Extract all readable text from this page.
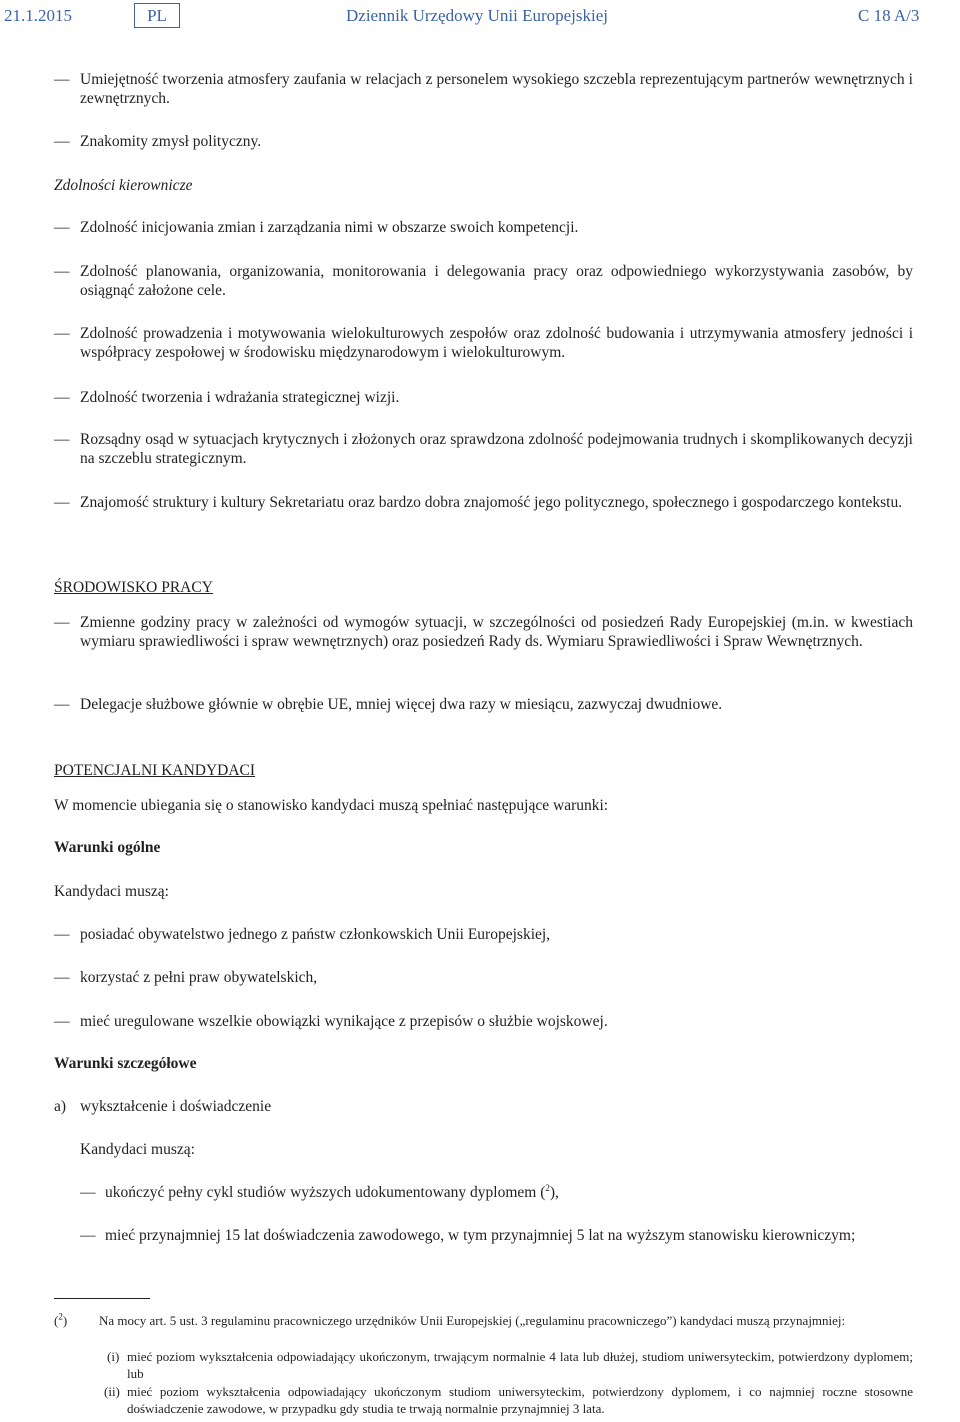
21.1.2015	PL	Dziennik Urzędowy Unii Europejskiej	C 18 A/3
— Umiejętność tworzenia atmosfery zaufania w relacjach z personelem wysokiego szczebla reprezentującym partnerów wewnętrznych i zewnętrznych.
— Znakomity zmysł polityczny.
Zdolności kierownicze
— Zdolność inicjowania zmian i zarządzania nimi w obszarze swoich kompetencji.
— Zdolność planowania, organizowania, monitorowania i delegowania pracy oraz odpowiedniego wykorzystywania zasobów, by osiągnąć założone cele.
— Zdolność prowadzenia i motywowania wielokulturowych zespołów oraz zdolność budowania i utrzymywania atmosfery jedności i współpracy zespołowej w środowisku międzynarodowym i wielokulturowym.
— Zdolność tworzenia i wdrażania strategicznej wizji.
— Rozsądny osąd w sytuacjach krytycznych i złożonych oraz sprawdzona zdolność podejmowania trudnych i skomplikowanych decyzji na szczeblu strategicznym.
— Znajomość struktury i kultury Sekretariatu oraz bardzo dobra znajomość jego politycznego, społecznego i gospodarczego kontekstu.
ŚRODOWISKO PRACY
— Zmienne godziny pracy w zależności od wymogów sytuacji, w szczególności od posiedzeń Rady Europejskiej (m.in. w kwestiach wymiaru sprawiedliwości i spraw wewnętrznych) oraz posiedzeń Rady ds. Wymiaru Sprawiedliwości i Spraw Wewnętrznych.
— Delegacje służbowe głównie w obrębie UE, mniej więcej dwa razy w miesiącu, zazwyczaj dwudniowe.
POTENCJALNI KANDYDACI
W momencie ubiegania się o stanowisko kandydaci muszą spełniać następujące warunki:
Warunki ogólne
Kandydaci muszą:
— posiadać obywatelstwo jednego z państw członkowskich Unii Europejskiej,
— korzystać z pełni praw obywatelskich,
— mieć uregulowane wszelkie obowiązki wynikające z przepisów o służbie wojskowej.
Warunki szczegółowe
a) wykształcenie i doświadczenie
Kandydaci muszą:
— ukończyć pełny cykl studiów wyższych udokumentowany dyplomem ($^2$),
— mieć przynajmniej 15 lat doświadczenia zawodowego, w tym przynajmniej 5 lat na wyższym stanowisku kierowniczym;
($^2$) Na mocy art. 5 ust. 3 regulaminu pracowniczego urzędników Unii Europejskiej („regulaminu pracowniczego”) kandydaci muszą przynajmniej:
(i) mieć poziom wykształcenia odpowiadający ukończonym, trwającym normalnie 4 lata lub dłużej, studiom uniwersyteckim, potwierdzony dyplomem; lub
(ii) mieć poziom wykształcenia odpowiadający ukończonym studiom uniwersyteckim, potwierdzony dyplomem, i co najmniej roczne stosowne doświadczenie zawodowe, w przypadku gdy studia te trwają normalnie przynajmniej 3 lata.
